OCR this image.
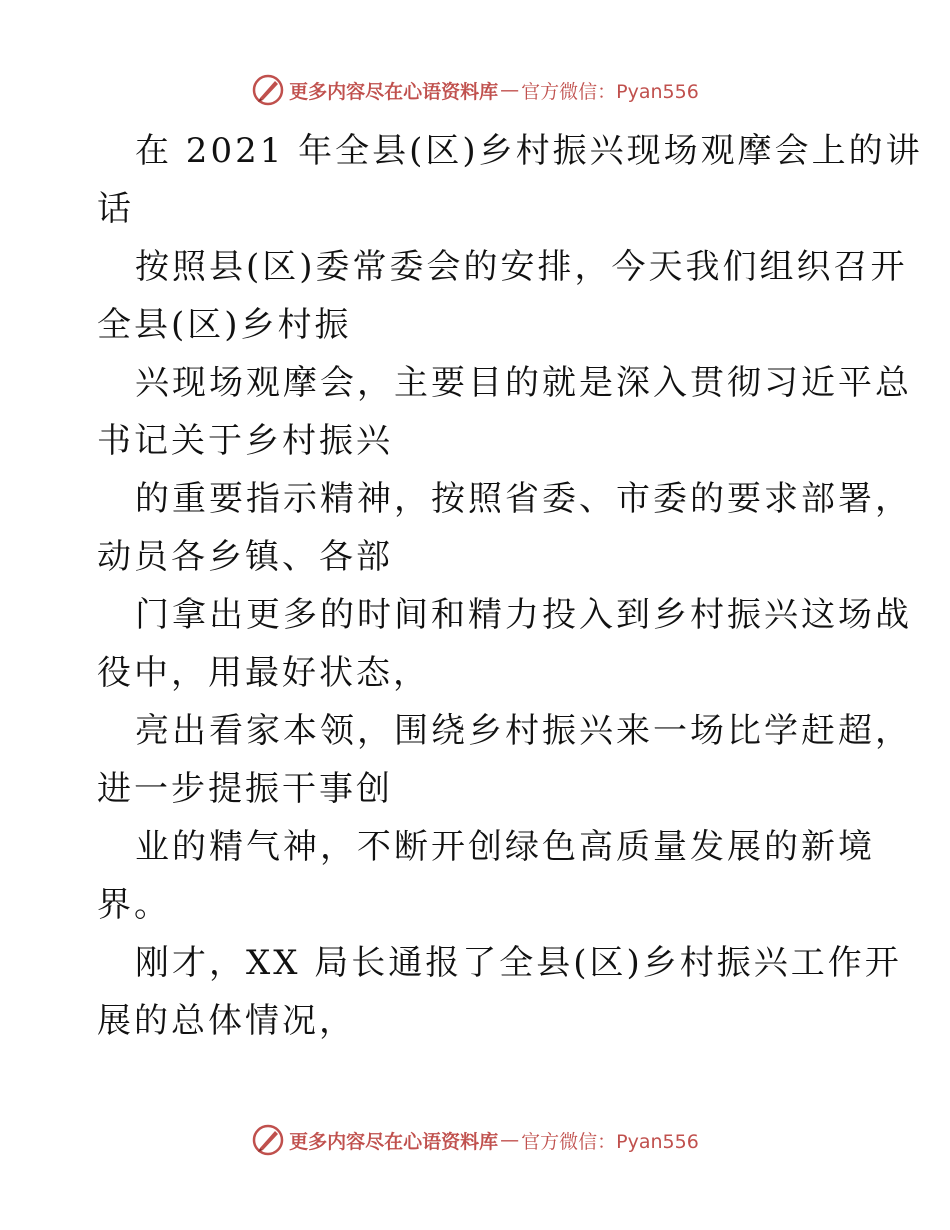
更多内容尽在心语资料库 — 官方微信：Pyan556
在 2021 年全县(区)乡村振兴现场观摩会上的讲
话
按照县(区)委常委会的安排，今天我们组织召开
全县(区)乡村振
兴现场观摩会，主要目的就是深入贯彻习近平总
书记关于乡村振兴
的重要指示精神，按照省委、市委的要求部署，
动员各乡镇、各部
门拿出更多的时间和精力投入到乡村振兴这场战
役中，用最好状态，
亮出看家本领，围绕乡村振兴来一场比学赶超，
进一步提振干事创
业的精气神，不断开创绿色高质量发展的新境
界。
刚才，XX 局长通报了全县(区)乡村振兴工作开
展的总体情况，
更多内容尽在心语资料库 — 官方微信：Pyan556
